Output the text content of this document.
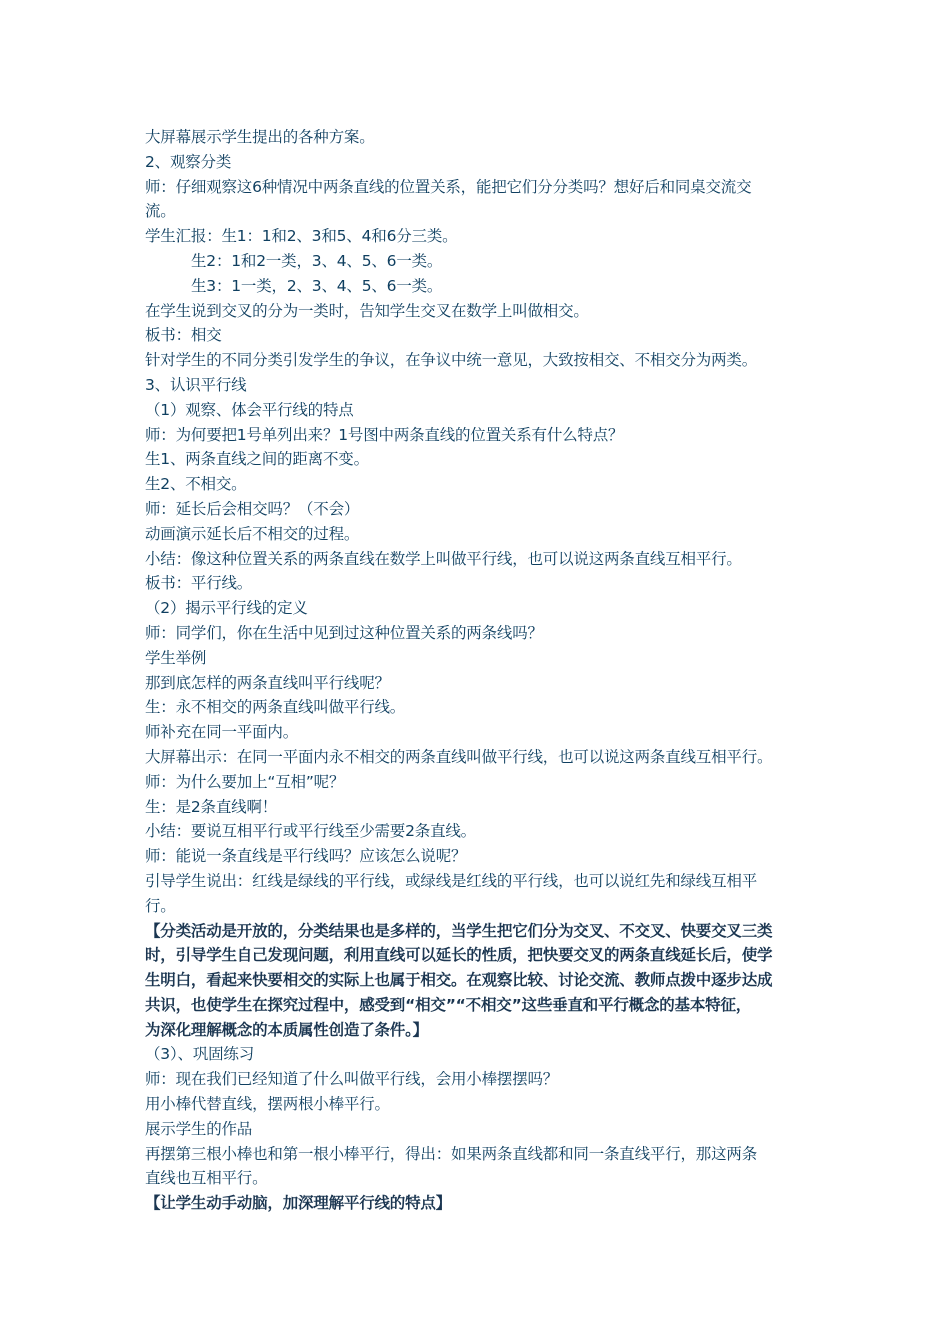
大屏幕展示学生提出的各种方案。
2、观察分类
师：仔细观察这6种情况中两条直线的位置关系，能把它们分分类吗？想好后和同桌交流交
流。
学生汇报：生1：1和2、3和5、4和6分三类。
生2：1和2一类，3、4、5、6一类。
生3：1一类，2、3、4、5、6一类。
在学生说到交叉的分为一类时，告知学生交叉在数学上叫做相交。
板书：相交
针对学生的不同分类引发学生的争议，在争议中统一意见，大致按相交、不相交分为两类。
3、认识平行线
（1）观察、体会平行线的特点
师：为何要把1号单列出来？1号图中两条直线的位置关系有什么特点？
生1、两条直线之间的距离不变。
生2、不相交。
师：延长后会相交吗？（不会）
动画演示延长后不相交的过程。
小结：像这种位置关系的两条直线在数学上叫做平行线，也可以说这两条直线互相平行。
板书：平行线。
（2）揭示平行线的定义
师：同学们，你在生活中见到过这种位置关系的两条线吗？
学生举例
那到底怎样的两条直线叫平行线呢？
生：永不相交的两条直线叫做平行线。
师补充在同一平面内。
大屏幕出示：在同一平面内永不相交的两条直线叫做平行线，也可以说这两条直线互相平行。
师：为什么要加上“互相”呢？
生：是2条直线啊！
小结：要说互相平行或平行线至少需要2条直线。
师：能说一条直线是平行线吗？应该怎么说呢？
引导学生说出：红线是绿线的平行线，或绿线是红线的平行线，也可以说红先和绿线互相平
行。
【分类活动是开放的，分类结果也是多样的，当学生把它们分为交叉、不交叉、快要交叉三类
时，引导学生自己发现问题，利用直线可以延长的性质，把快要交叉的两条直线延长后，使学
生明白，看起来快要相交的实际上也属于相交。在观察比较、讨论交流、教师点拨中逐步达成
共识，也使学生在探究过程中，感受到“相交”“不相交”这些垂直和平行概念的基本特征，
为深化理解概念的本质属性创造了条件。】
（3）、巩固练习
师：现在我们已经知道了什么叫做平行线，会用小棒摆摆吗？
用小棒代替直线，摆两根小棒平行。
展示学生的作品
再摆第三根小棒也和第一根小棒平行，得出：如果两条直线都和同一条直线平行，那这两条
直线也互相平行。
【让学生动手动脑，加深理解平行线的特点】
